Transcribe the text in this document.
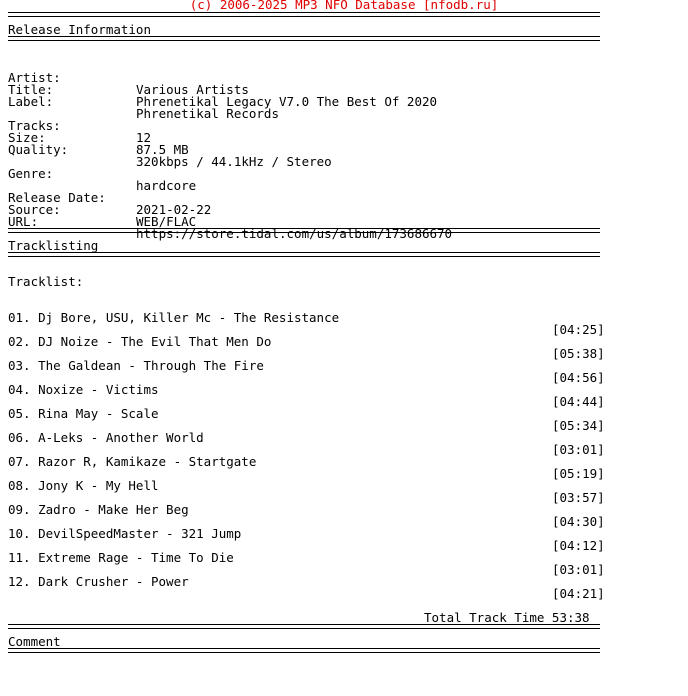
(c) 2006-2025 MP3 NFO Database [nfodb.ru]
Release Information

Artist:

Various Artists

Title:

Phrenetikal Legacy V7.0 The Best Of 2020

Label:

Phrenetikal Records

Tracks:

12

Size:

87.5 MB

Quality:

320kbps / 44.1kHz / Stereo

Genre:

hardcore

Release Date:

2021-02-22

Source:

WEB/FLAC

URL:

https://store.tidal.com/us/album/173686670

Tracklisting
Tracklist:

01. Dj Bore, USU, Killer Mc - The Resistance

[04:25]

02. DJ Noize - The Evil That Men Do

[05:38]

03. The Galdean - Through The Fire

[04:56]

04. Noxize - Victims

[04:44]

05. Rina May - Scale

[05:34]

06. A-Leks - Another World

[03:01]

07. Razor R, Kamikaze - Startgate

[05:19]

08. Jony K - My Hell

[03:57]

09. Zadro - Make Her Beg

[04:30]

10. DevilSpeedMaster - 321 Jump

[04:12]

11. Extreme Rage - Time To Die

[03:01]

12. Dark Crusher - Power

[04:21]

Total Track Time 53:38

Comment
